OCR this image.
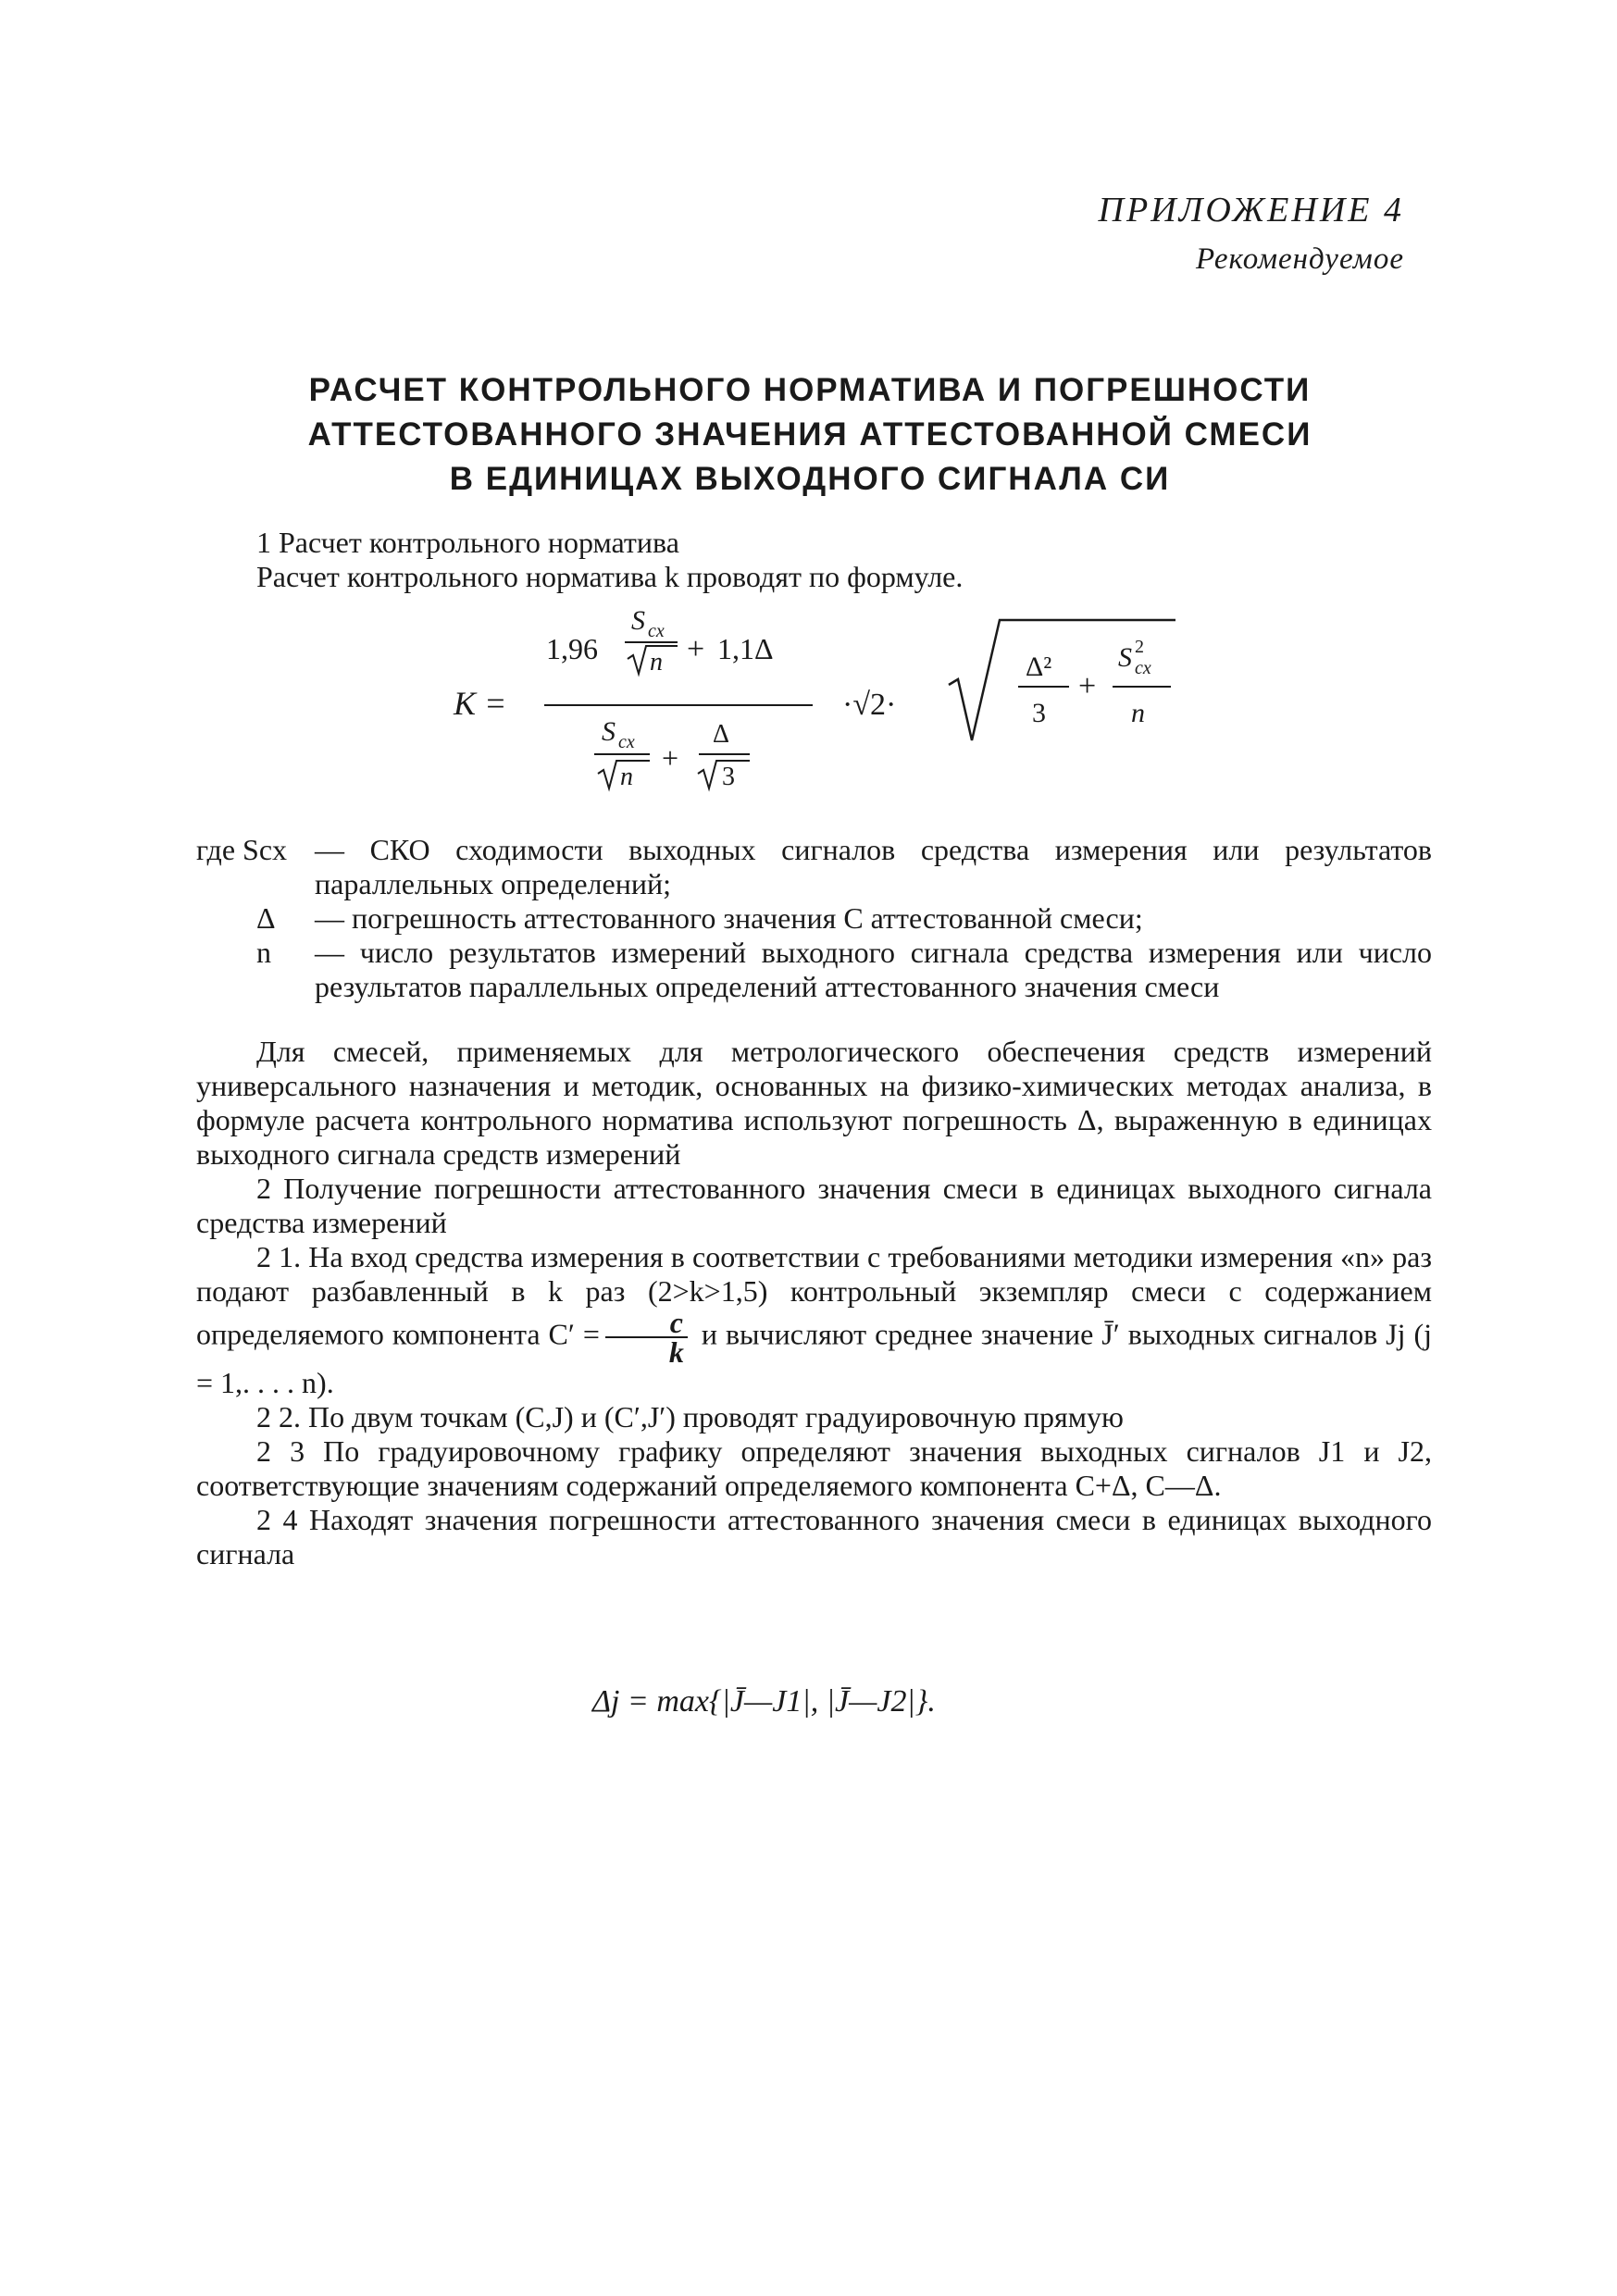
ПРИЛОЖЕНИЕ 4
Рекомендуемое
РАСЧЕТ КОНТРОЛЬНОГО НОРМАТИВА И ПОГРЕШНОСТИ
АТТЕСТОВАННОГО ЗНАЧЕНИЯ АТТЕСТОВАННОЙ СМЕСИ
В ЕДИНИЦАХ ВЫХОДНОГО СИГНАЛА СИ

1 Расчет контрольного норматива

Расчет контрольного норматива k проводят по формуле.

K =
1,96
S cx
n + 1,1Δ
S cx
n
+
Δ
3
·√2·
Δ²
3
+
S 2
cx
n
где Scx — СКО сходимости выходных сигналов средства измерения или результатов параллельных определений;
Δ	— погрешность аттестованного значения С аттестованной смеси;
n	— число результатов измерений выходного сигнала средства измерения или число результатов параллельных определений аттестованного значения смеси

Для смесей, применяемых для метрологического обеспечения средств измерений универсального назначения и методик, основанных на физико-химических методах анализа, в формуле расчета контрольного норматива используют погрешность Δ, выраженную в единицах выходного сигнала средств измерений

2 Получение погрешности аттестованного значения смеси в единицах выходного сигнала средства измерений

2 1. На вход средства измерения в соответствии с требованиями методики измерения «n» раз подают разбавленный в k раз (2>k>1,5) контрольный экземпляр смеси с содержанием определяемого компонента $C' = \frac{c}{k}$ и вычисляют среднее значение J̄′ выходных сигналов Jj (j = 1,. . . . n).

2 2. По двум точкам (С,J) и (C′,J′) проводят градуировочную прямую

2 3 По градуировочному графику определяют значения выходных сигналов J1 и J2, соответствующие значениям содержаний определяемого компонента С+Δ, С—Δ.

2 4 Находят значения погрешности аттестованного значения смеси в единицах выходного сигнала

Δj = max{|J̄—J1|, |J̄—J2|}.
